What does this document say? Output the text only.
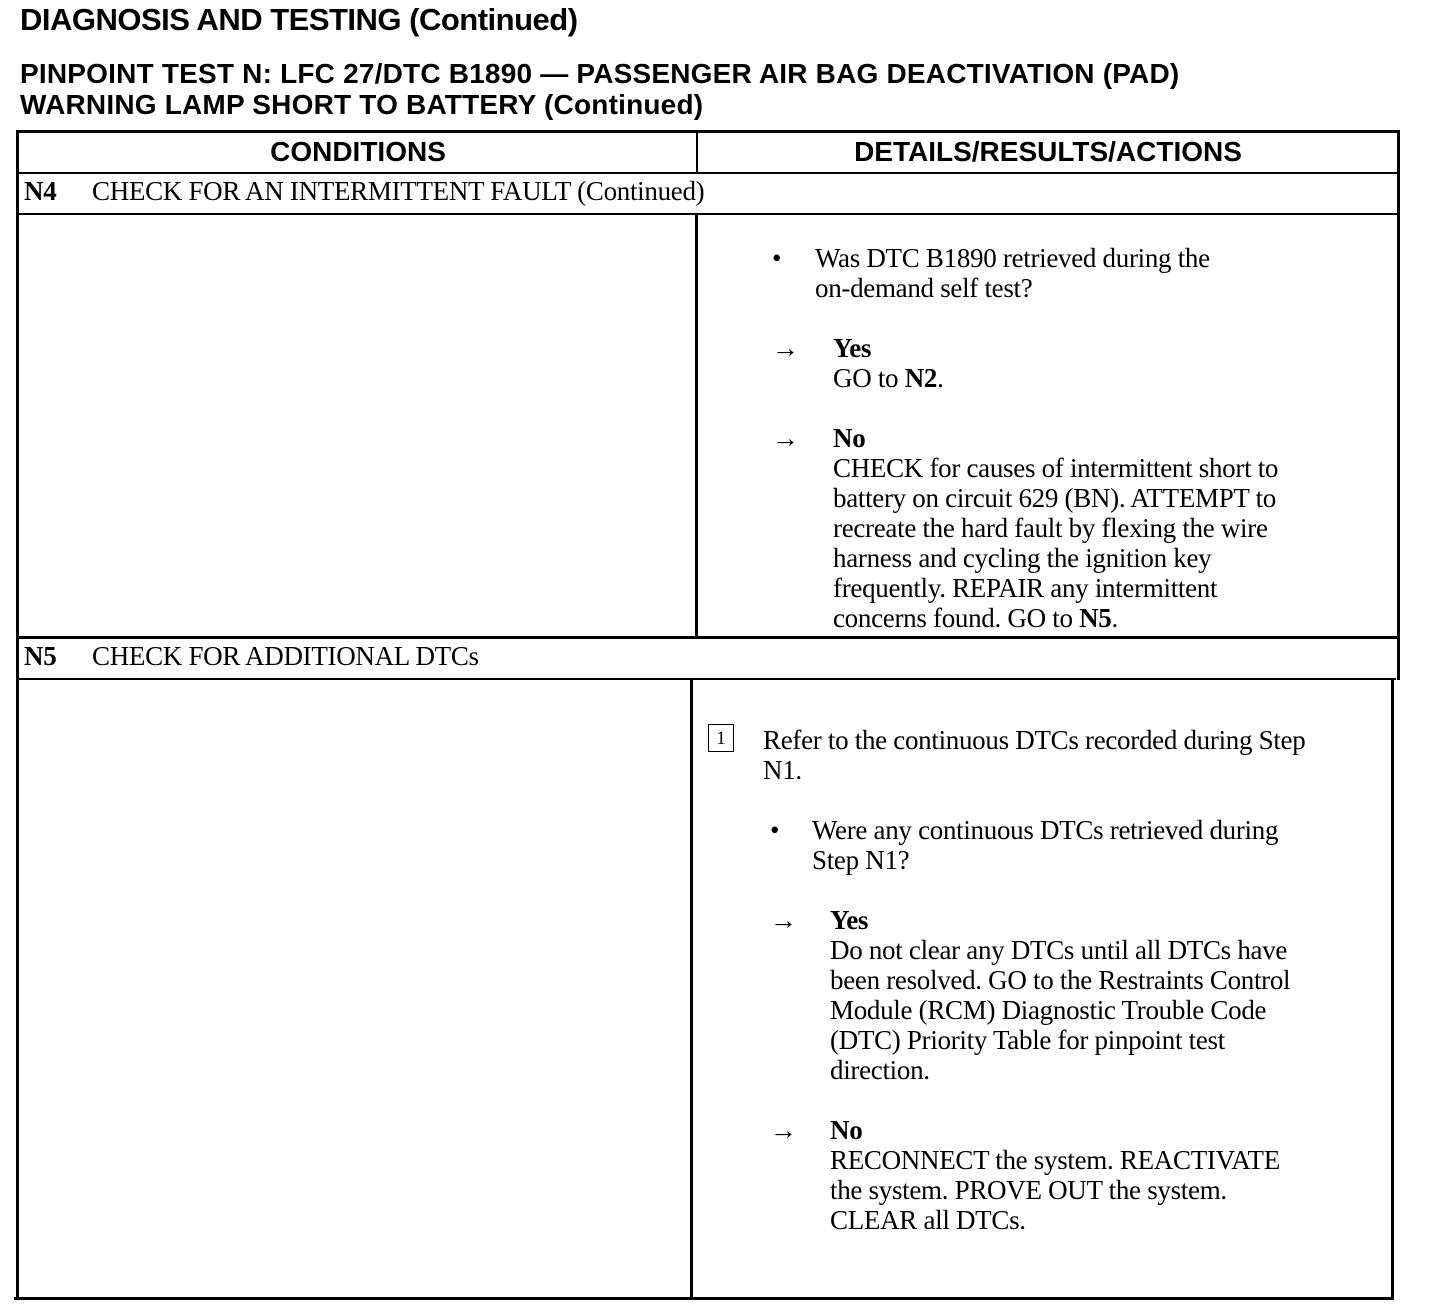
DIAGNOSIS AND TESTING (Continued)
PINPOINT TEST N: LFC 27/DTC B1890 — PASSENGER AIR BAG DEACTIVATION (PAD)
WARNING LAMP SHORT TO BATTERY (Continued)
CONDITIONS	DETAILS/RESULTS/ACTIONS
N4 CHECK FOR AN INTERMITTENT FAULT (Continued)
• Was DTC B1890 retrieved during the
on-demand self test?
→ Yes
GO to N2.
→ No
CHECK for causes of intermittent short to
battery on circuit 629 (BN). ATTEMPT to
recreate the hard fault by flexing the wire
harness and cycling the ignition key
frequently. REPAIR any intermittent
concerns found. GO to N5.
N5 CHECK FOR ADDITIONAL DTCs
1	Refer to the continuous DTCs recorded during Step
N1.
• Were any continuous DTCs retrieved during
Step N1?
→ Yes
Do not clear any DTCs until all DTCs have
been resolved. GO to the Restraints Control
Module (RCM) Diagnostic Trouble Code
(DTC) Priority Table for pinpoint test
direction.
→ No
RECONNECT the system. REACTIVATE
the system. PROVE OUT the system.
CLEAR all DTCs.
